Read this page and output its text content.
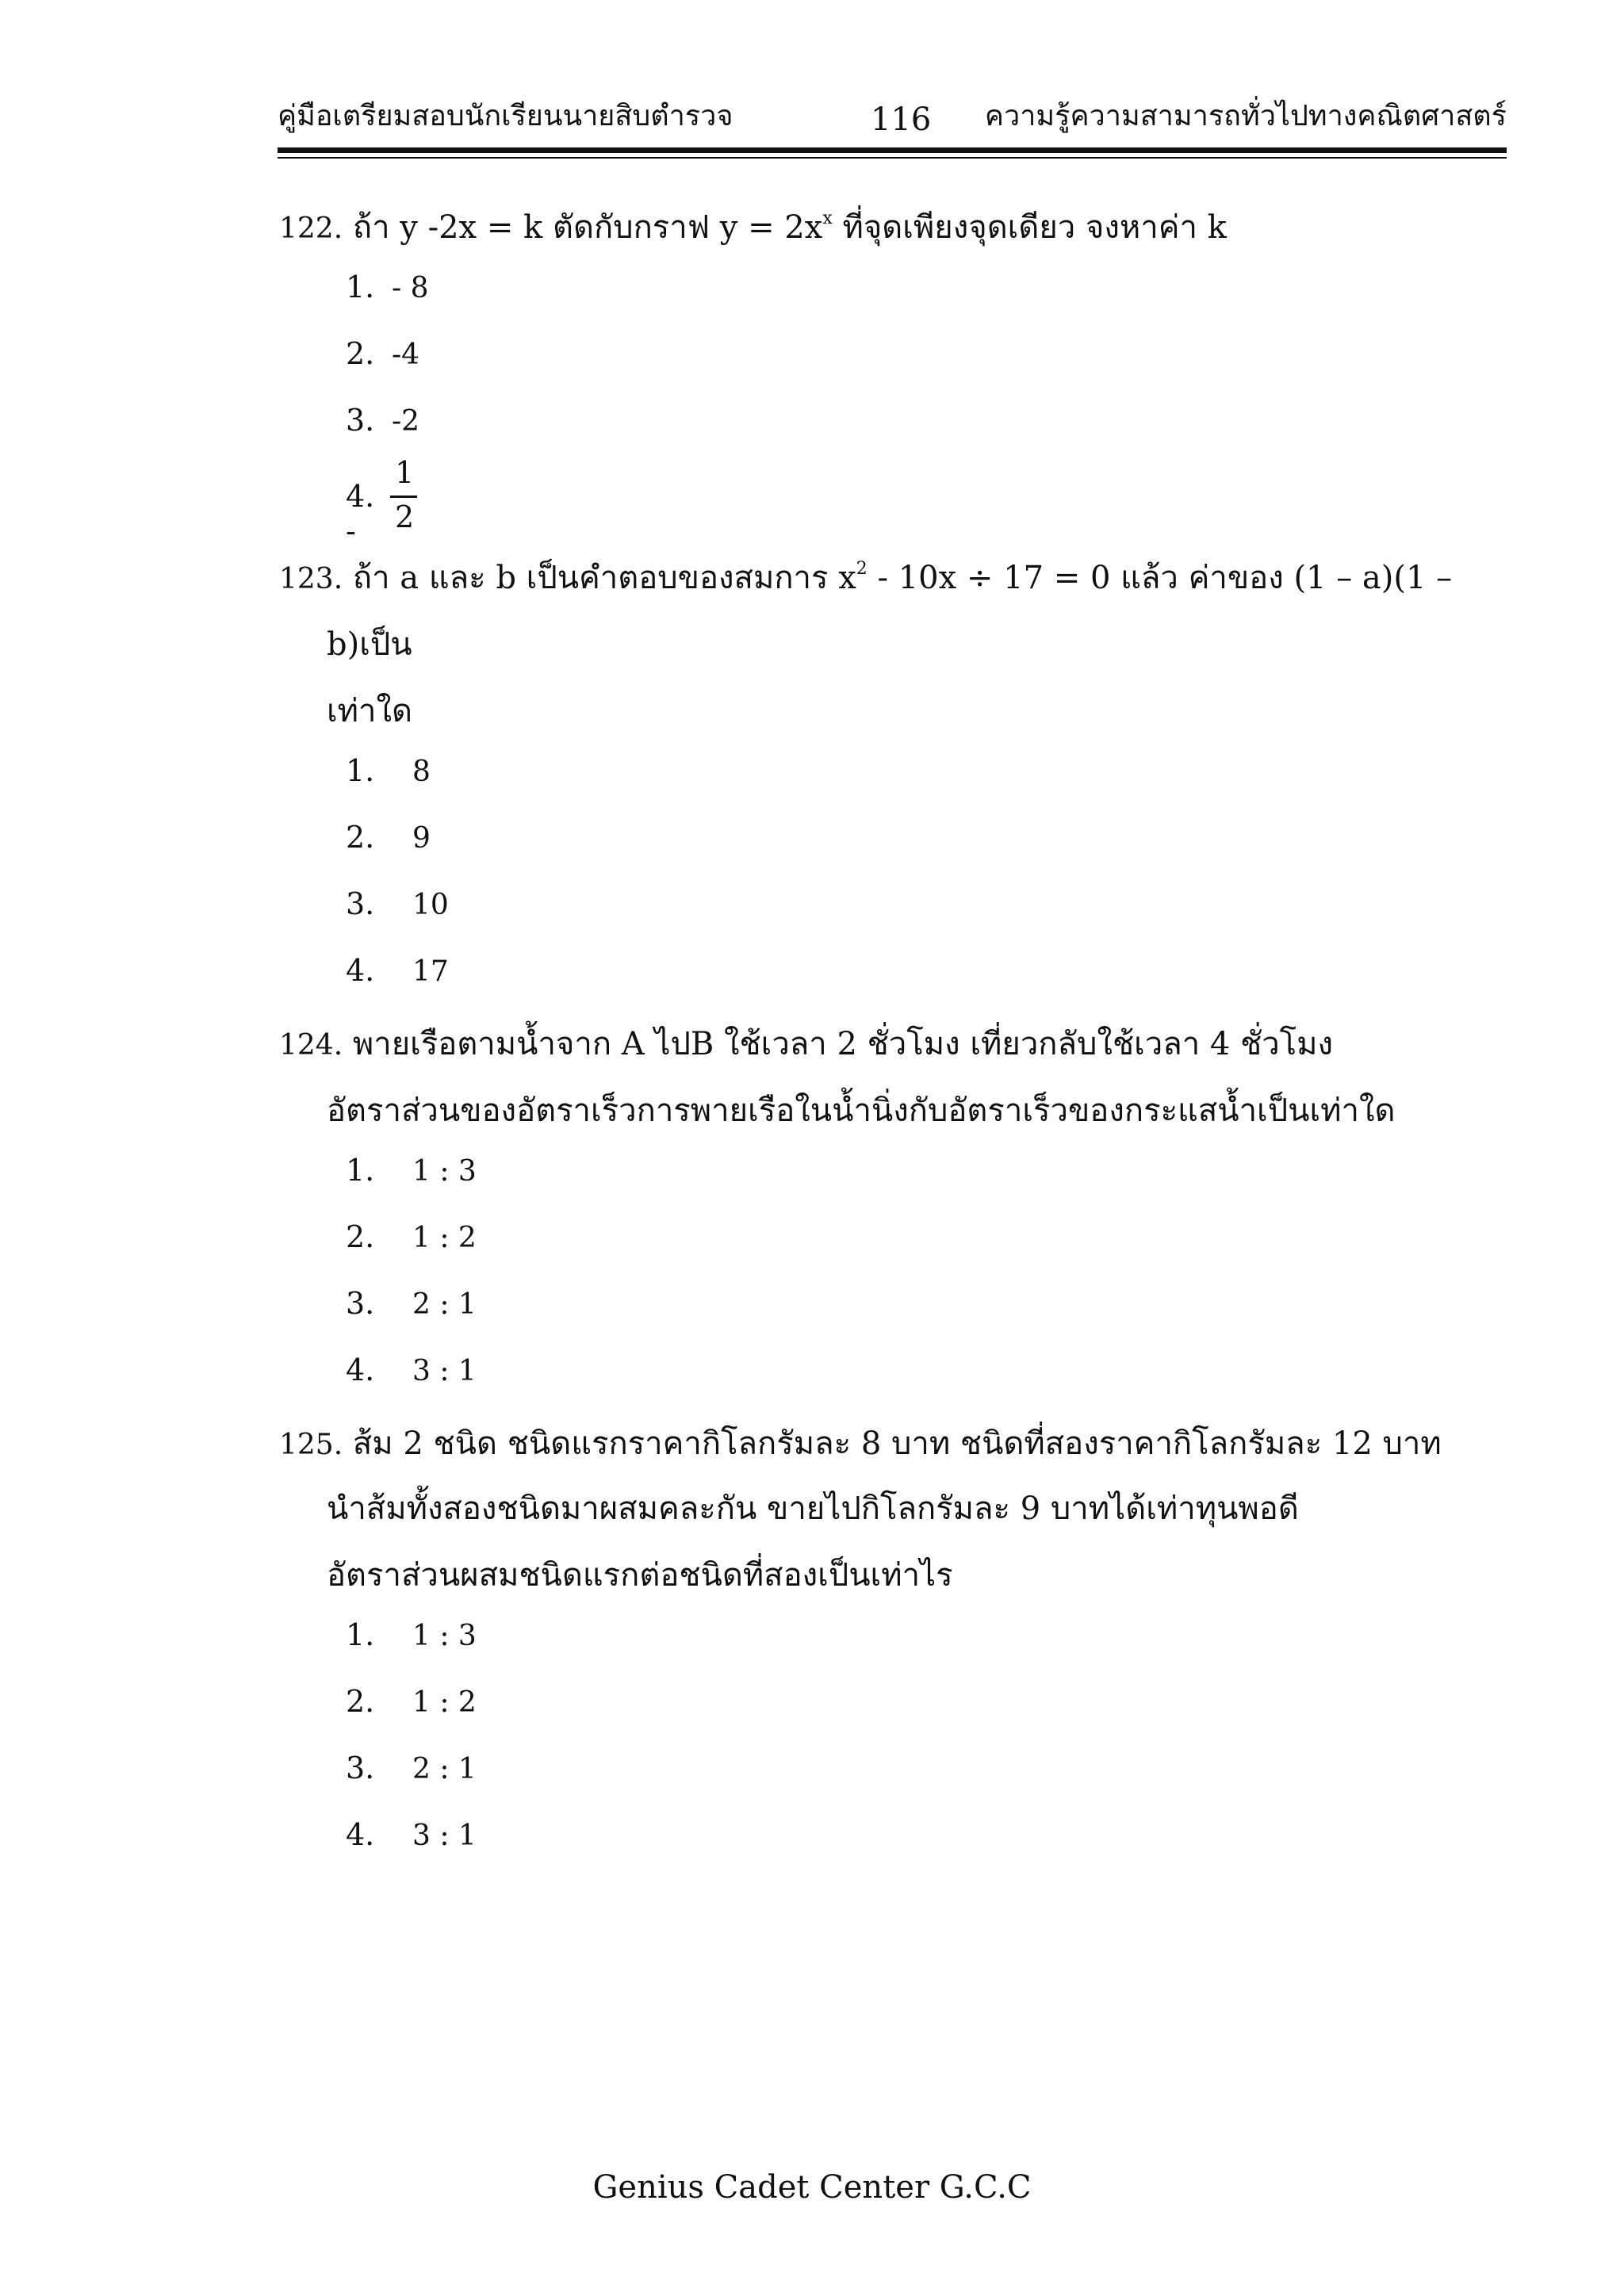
คู่มือเตรียมสอบนักเรียนนายสิบตำรวจ	116 ความรู้ความสามารถทั่วไปทางคณิตศาสตร์
122. ถ้า y -2x = k ตัดกับกราฟ $y = 2x^x$ ที่จุดเพียงจุดเดียว จงหาค่า k
1. - 8
2. -4
3. -2
4. -
1
2
123. ถ้า a และ b เป็นคำตอบของสมการ $x^2 - 10x \div 17 = 0$ แล้ว ค่าของ (1 – a)(1 –
b)เป็น
เท่าใด
1. 8
2. 9
3. 10
4. 17
124. พายเรือตามน้ำจาก A ไปB ใช้เวลา 2 ชั่วโมง เที่ยวกลับใช้เวลา 4 ชั่วโมง
อัตราส่วนของอัตราเร็วการพายเรือในน้ำนิ่งกับอัตราเร็วของกระแสน้ำเป็นเท่าใด
1. 1 : 3
2. 1 : 2
3. 2 : 1
4. 3 : 1
125. ส้ม 2 ชนิด ชนิดแรกราคากิโลกรัมละ 8 บาท ชนิดที่สองราคากิโลกรัมละ 12 บาท
นำส้มทั้งสองชนิดมาผสมคละกัน ขายไปกิโลกรัมละ 9 บาทได้เท่าทุนพอดี
อัตราส่วนผสมชนิดแรกต่อชนิดที่สองเป็นเท่าไร
1. 1 : 3
2. 1 : 2
3. 2 : 1
4. 3 : 1
Genius Cadet Center G.C.C
